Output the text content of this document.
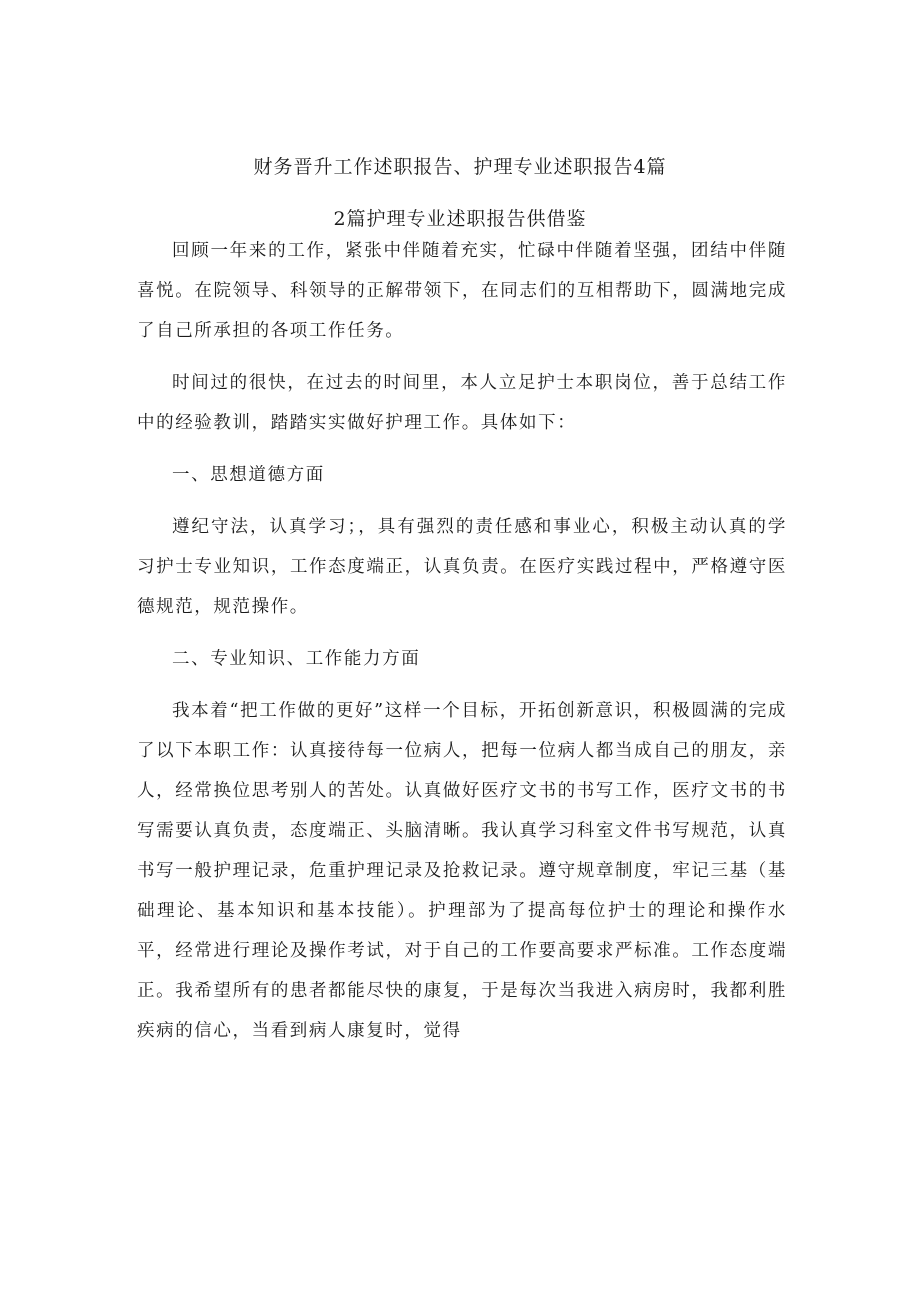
财务晋升工作述职报告、护理专业述职报告4篇
2篇护理专业述职报告供借鉴

回顾一年来的工作，紧张中伴随着充实，忙碌中伴随着坚强，团结中伴随喜悦。在院领导、科领导的正解带领下，在同志们的互相帮助下，圆满地完成了自己所承担的各项工作任务。

时间过的很快，在过去的时间里，本人立足护士本职岗位，善于总结工作中的经验教训，踏踏实实做好护理工作。具体如下：

一、思想道德方面

遵纪守法，认真学习；，具有强烈的责任感和事业心，积极主动认真的学习护士专业知识，工作态度端正，认真负责。在医疗实践过程中，严格遵守医德规范，规范操作。

二、专业知识、工作能力方面

我本着“把工作做的更好”这样一个目标，开拓创新意识，积极圆满的完成了以下本职工作：认真接待每一位病人，把每一位病人都当成自己的朋友，亲人，经常换位思考别人的苦处。认真做好医疗文书的书写工作，医疗文书的书写需要认真负责，态度端正、头脑清晰。我认真学习科室文件书写规范，认真书写一般护理记录，危重护理记录及抢救记录。遵守规章制度，牢记三基（基础理论、基本知识和基本技能）。护理部为了提高每位护士的理论和操作水平，经常进行理论及操作考试，对于自己的工作要高要求严标准。工作态度端正。我希望所有的患者都能尽快的康复，于是每次当我进入病房时，我都利胜疾病的信心，当看到病人康复时，觉得
